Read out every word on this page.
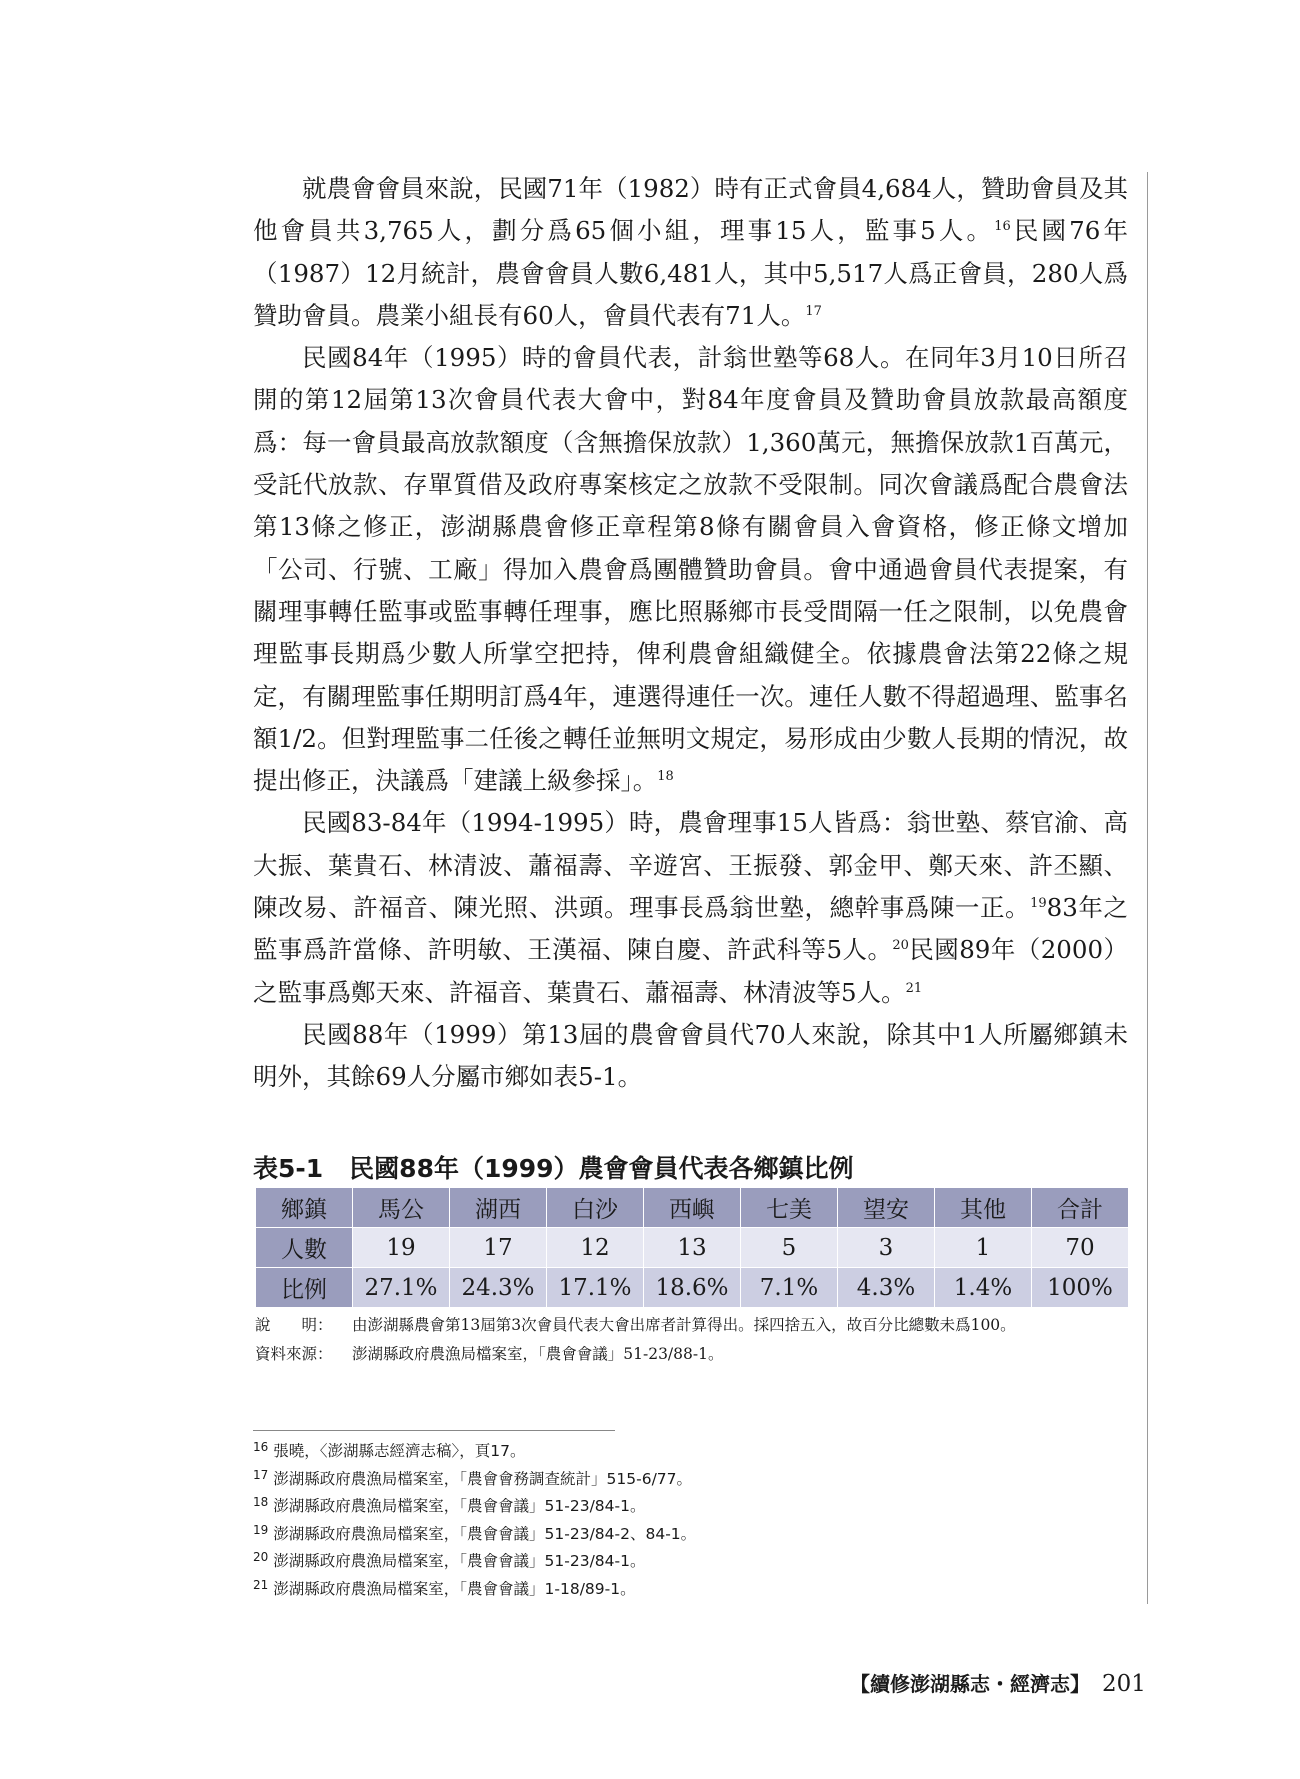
就農會會員來說，民國71年（1982）時有正式會員4,684人，贊助會員及其他會員共3,765人，劃分爲65個小組，理事15人，監事5人。$^{16}$民國76年（1987）12月統計，農會會員人數6,481人，其中5,517人爲正會員，280人爲贊助會員。農業小組長有60人，會員代表有71人。$^{17}$

民國84年（1995）時的會員代表，計翁世塾等68人。在同年3月10日所召開的第12屆第13次會員代表大會中，對84年度會員及贊助會員放款最高額度爲：每一會員最高放款額度（含無擔保放款）1,360萬元，無擔保放款1百萬元，受託代放款、存單質借及政府專案核定之放款不受限制。同次會議爲配合農會法第13條之修正，澎湖縣農會修正章程第8條有關會員入會資格，修正條文增加「公司、行號、工廠」得加入農會爲團體贊助會員。會中通過會員代表提案，有關理事轉任監事或監事轉任理事，應比照縣鄉市長受間隔一任之限制，以免農會理監事長期爲少數人所掌空把持，俾利農會組織健全。依據農會法第22條之規定，有關理監事任期明訂爲4年，連選得連任一次。連任人數不得超過理、監事名額1/2。但對理監事二任後之轉任並無明文規定，易形成由少數人長期的情況，故提出修正，決議爲「建議上級參採」。$^{18}$

民國83-84年（1994-1995）時，農會理事15人皆爲：翁世塾、蔡官渝、高大振、葉貴石、林清波、蕭福壽、辛遊宮、王振發、郭金甲、鄭天來、許丕顯、陳改易、許福音、陳光照、洪頭。理事長爲翁世塾，總幹事爲陳一正。$^{19}$83年之監事爲許當條、許明敏、王漢福、陳自慶、許武科等5人。$^{20}$民國89年（2000）之監事爲鄭天來、許福音、葉貴石、蕭福壽、林清波等5人。$^{21}$

民國88年（1999）第13屆的農會會員代70人來說，除其中1人所屬鄉鎮未明外，其餘69人分屬市鄉如表5-1。

表5-1 民國88年（1999）農會會員代表各鄉鎮比例
鄉鎮	馬公	湖西	白沙	西嶼	七美	望安	其他	合計
人數	19	17	12	13	5	3	1	70
比例	27.1%	24.3%	17.1%	18.6%	7.1%	4.3%	1.4%	100%
說　　明： 由澎湖縣農會第13屆第3次會員代表大會出席者計算得出。採四捨五入，故百分比總數未爲100。
資料來源： 澎湖縣政府農漁局檔案室，「農會會議」51-23/88-1。
$^{16}$ 張曉，〈澎湖縣志經濟志稿〉，頁17。
$^{17}$ 澎湖縣政府農漁局檔案室，「農會會務調查統計」515-6/77。
$^{18}$ 澎湖縣政府農漁局檔案室，「農會會議」51-23/84-1。
$^{19}$ 澎湖縣政府農漁局檔案室，「農會會議」51-23/84-2、84-1。
$^{20}$ 澎湖縣政府農漁局檔案室，「農會會議」51-23/84-1。
$^{21}$ 澎湖縣政府農漁局檔案室，「農會會議」1-18/89-1。
【續修澎湖縣志・經濟志】 201
